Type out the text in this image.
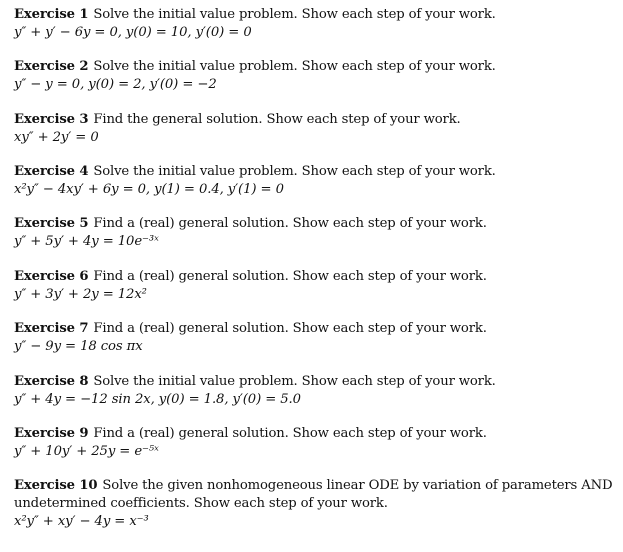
Exercise 1 Solve the initial value problem. Show each step of your work.
y″ + y′ − 6y = 0, y(0) = 10, y′(0) = 0
Exercise 2 Solve the initial value problem. Show each step of your work.
y″ − y = 0, y(0) = 2, y′(0) = −2
Exercise 3 Find the general solution. Show each step of your work.
xy″ + 2y′ = 0
Exercise 4 Solve the initial value problem. Show each step of your work.
x²y″ − 4xy′ + 6y = 0, y(1) = 0.4, y′(1) = 0
Exercise 5 Find a (real) general solution. Show each step of your work.
y″ + 5y′ + 4y = 10e⁻³ˣ
Exercise 6 Find a (real) general solution. Show each step of your work.
y″ + 3y′ + 2y = 12x²
Exercise 7 Find a (real) general solution. Show each step of your work.
y″ − 9y = 18 cos πx
Exercise 8 Solve the initial value problem. Show each step of your work.
y″ + 4y = −12 sin 2x, y(0) = 1.8, y′(0) = 5.0
Exercise 9 Find a (real) general solution. Show each step of your work.
y″ + 10y′ + 25y = e⁻⁵ˣ
Exercise 10 Solve the given nonhomogeneous linear ODE by variation of parameters AND undetermined coefficients. Show each step of your work.
x²y″ + xy′ − 4y = x⁻³
